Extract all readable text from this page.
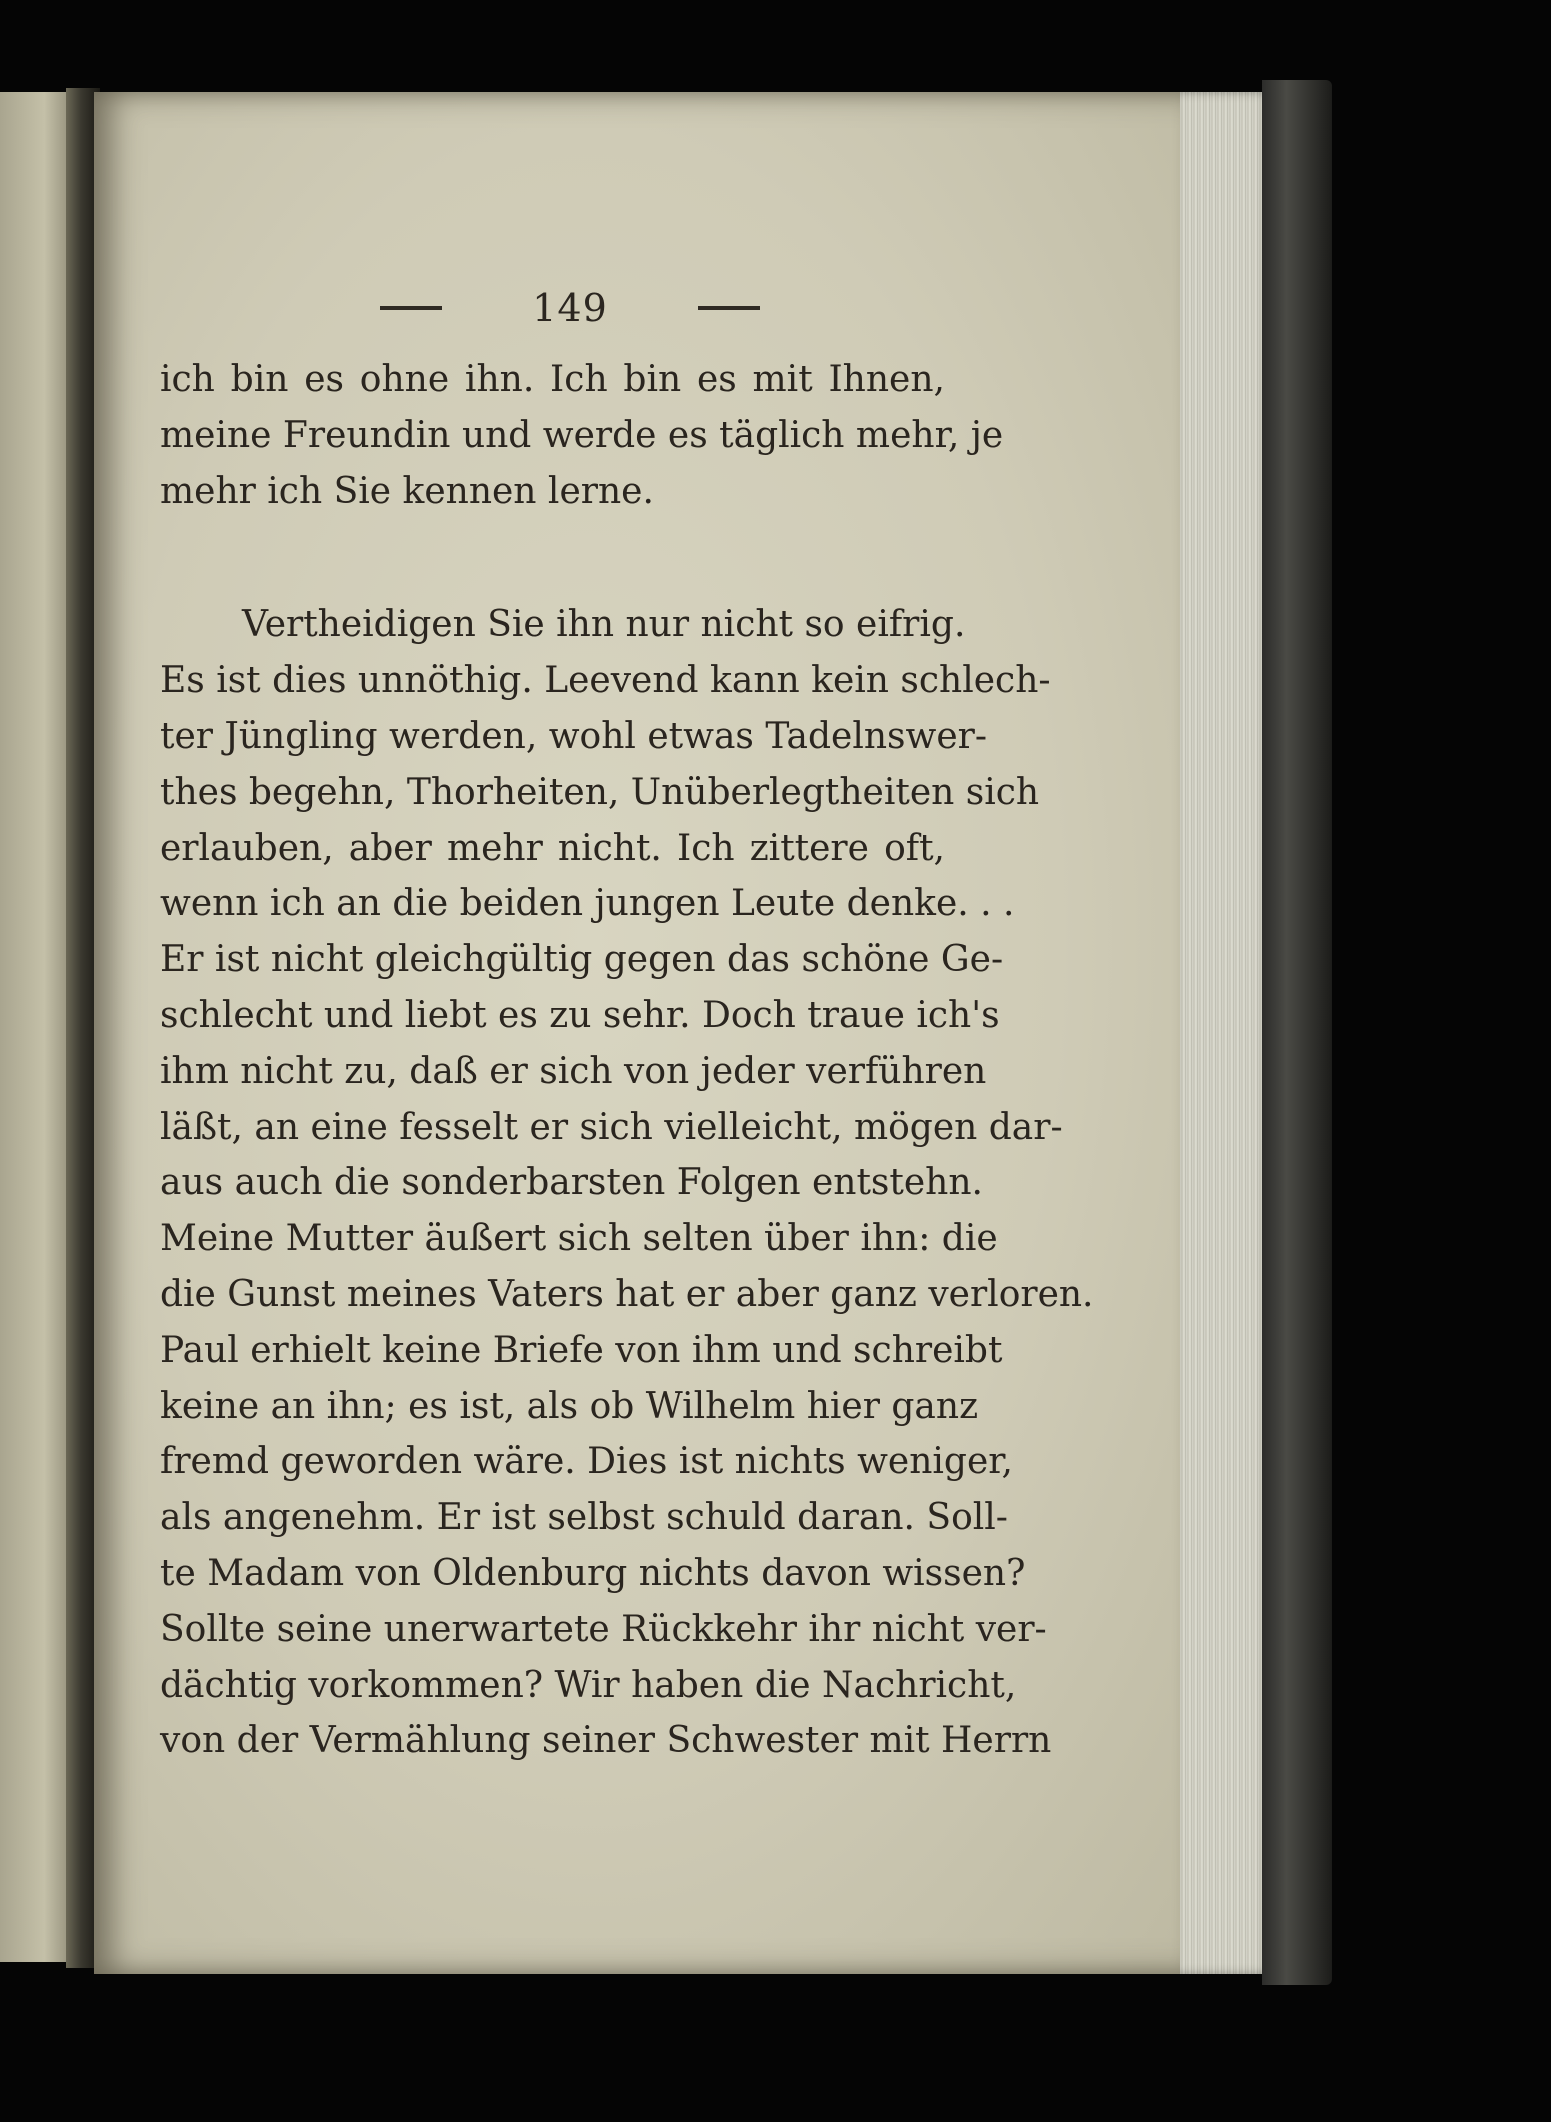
149
ich bin es ohne ihn. Ich bin es mit Ihnen,
meine Freundin und werde es täglich mehr, je
mehr ich Sie kennen lerne.
Vertheidigen Sie ihn nur nicht so eifrig.
Es ist dies unnöthig. Leevend kann kein schlech-
ter Jüngling werden, wohl etwas Tadelnswer-
thes begehn, Thorheiten, Unüberlegtheiten sich
erlauben, aber mehr nicht. Ich zittere oft,
wenn ich an die beiden jungen Leute denke. . .
Er ist nicht gleichgültig gegen das schöne Ge-
schlecht und liebt es zu sehr. Doch traue ich's
ihm nicht zu, daß er sich von jeder verführen
läßt, an eine fesselt er sich vielleicht, mögen dar-
aus auch die sonderbarsten Folgen entstehn.
Meine Mutter äußert sich selten über ihn: die
die Gunst meines Vaters hat er aber ganz verloren.
Paul erhielt keine Briefe von ihm und schreibt
keine an ihn; es ist, als ob Wilhelm hier ganz
fremd geworden wäre. Dies ist nichts weniger,
als angenehm. Er ist selbst schuld daran. Soll-
te Madam von Oldenburg nichts davon wissen?
Sollte seine unerwartete Rückkehr ihr nicht ver-
dächtig vorkommen? Wir haben die Nachricht,
von der Vermählung seiner Schwester mit Herrn
